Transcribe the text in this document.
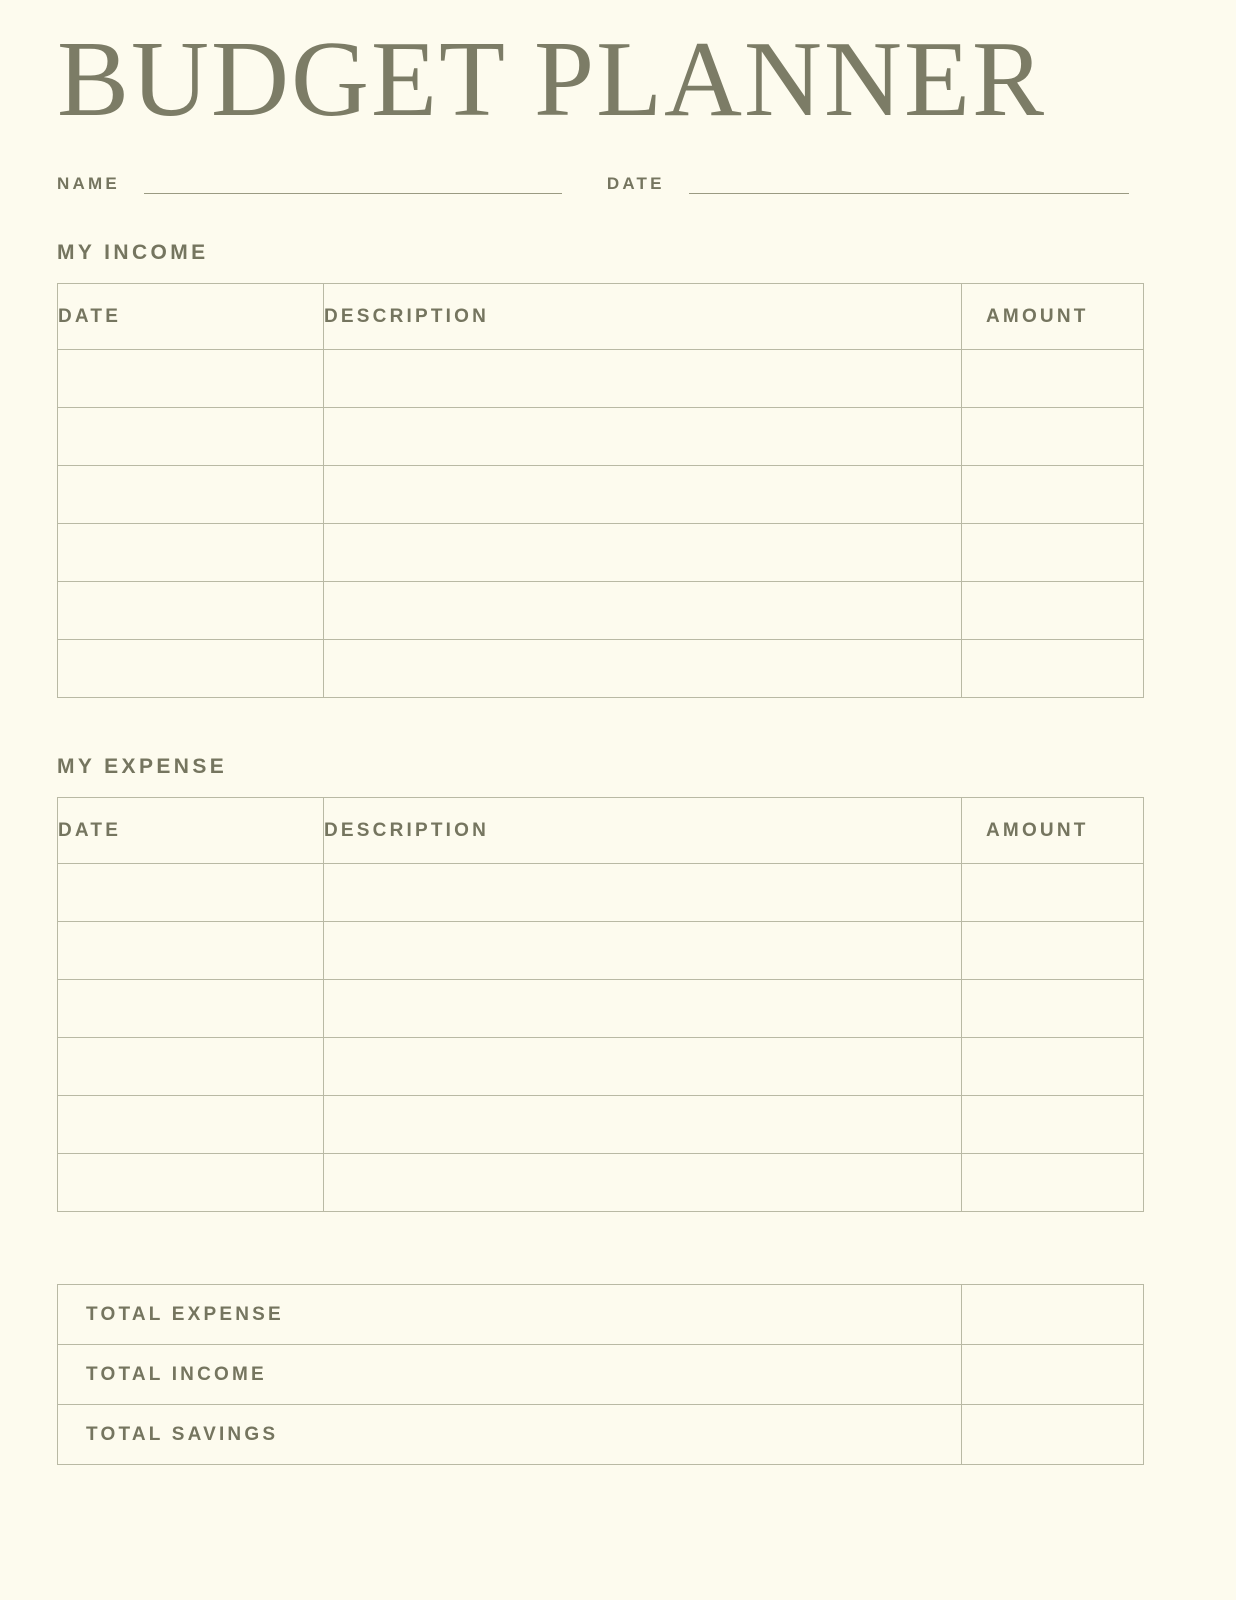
BUDGET PLANNER
NAME	DATE
MY INCOME
DATE	DESCRIPTION	AMOUNT

MY EXPENSE
DATE	DESCRIPTION	AMOUNT

TOTAL EXPENSE	
TOTAL INCOME	
TOTAL SAVINGS	
